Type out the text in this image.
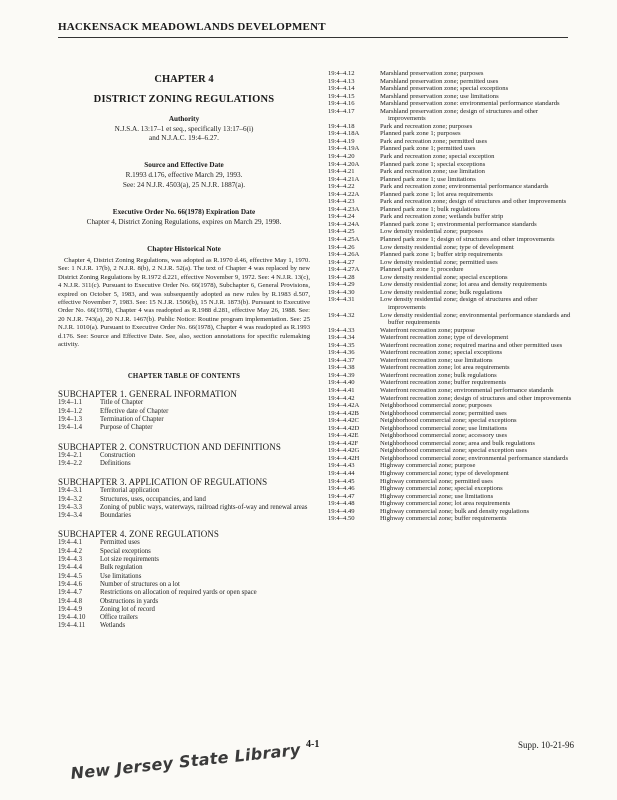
HACKENSACK MEADOWLANDS DEVELOPMENT
CHAPTER 4
DISTRICT ZONING REGULATIONS
Authority
N.J.S.A. 13:17–1 et seq., specifically 13:17–6(i)
and N.J.A.C. 19:4–6.27.
Source and Effective Date
R.1993 d.176, effective March 29, 1993.
See: 24 N.J.R. 4503(a), 25 N.J.R. 1887(a).
Executive Order No. 66(1978) Expiration Date
Chapter 4, District Zoning Regulations, expires on March 29, 1998.
Chapter Historical Note
Chapter 4, District Zoning Regulations, was adopted as R.1970 d.46, effective May 1, 1970. See: 1 N.J.R. 17(b), 2 N.J.R. 8(b), 2 N.J.R. 52(a). The text of Chapter 4 was replaced by new District Zoning Regulations by R.1972 d.221, effective November 9, 1972. See: 4 N.J.R. 13(c), 4 N.J.R. 311(c). Pursuant to Executive Order No. 66(1978), Subchapter 6, General Provisions, expired on October 5, 1983, and was subsequently adopted as new rules by R.1983 d.507, effective November 7, 1983. See: 15 N.J.R. 1506(b), 15 N.J.R. 1873(b). Pursuant to Executive Order No. 66(1978), Chapter 4 was readopted as R.1988 d.281, effective May 26, 1988. See: 20 N.J.R. 743(a), 20 N.J.R. 1467(b). Public Notice: Routine program implementation. See: 25 N.J.R. 1010(a). Pursuant to Executive Order No. 66(1978), Chapter 4 was readopted as R.1993 d.176. See: Source and Effective Date. See, also, section annotations for specific rulemaking activity.
CHAPTER TABLE OF CONTENTS
SUBCHAPTER 1. GENERAL INFORMATION
19:4–1.1	Title of Chapter
19:4–1.2	Effective date of Chapter
19:4–1.3	Termination of Chapter
19:4–1.4	Purpose of Chapter
SUBCHAPTER 2. CONSTRUCTION AND DEFINITIONS
19:4–2.1	Construction
19:4–2.2	Definitions
SUBCHAPTER 3. APPLICATION OF REGULATIONS
19:4–3.1	Territorial application
19:4–3.2	Structures, uses, occupancies, and land
19:4–3.3	Zoning of public ways, waterways, railroad rights-of-way and renewal areas
19:4–3.4	Boundaries
SUBCHAPTER 4. ZONE REGULATIONS
19:4–4.1	Permitted uses
19:4–4.2	Special exceptions
19:4–4.3	Lot size requirements
19:4–4.4	Bulk regulation
19:4–4.5	Use limitations
19:4–4.6	Number of structures on a lot
19:4–4.7	Restrictions on allocation of required yards or open space
19:4–4.8	Obstructions in yards
19:4–4.9	Zoning lot of record
19:4–4.10	Office trailers
19:4–4.11	Wetlands
19:4–4.12	Marshland preservation zone; purposes
19:4–4.13	Marshland preservation zone; permitted uses
19:4–4.14	Marshland preservation zone; special exceptions
19:4–4.15	Marshland preservation zone; use limitations
19:4–4.16	Marshland preservation zone: environmental performance standards
19:4–4.17	Marshland preservation zone; design of structures and other improvements
19:4–4.18	Park and recreation zone; purposes
19:4–4.18A	Planned park zone 1; purposes
19:4–4.19	Park and recreation zone; permitted uses
19:4–4.19A	Planned park zone 1; permitted uses
19:4–4.20	Park and recreation zone; special exception
19:4–4.20A	Planned park zone 1; special exceptions
19:4–4.21	Park and recreation zone; use limitation
19:4–4.21A	Planned park zone 1; use limitations
19:4–4.22	Park and recreation zone; environmental performance standards
19:4–4.22A	Planned park zone 1; lot area requirements
19:4–4.23	Park and recreation zone; design of structures and other improvements
19:4–4.23A	Planned park zone 1; bulk regulations
19:4–4.24	Park and recreation zone; wetlands buffer strip
19:4–4.24A	Planned park zone 1; environmental performance standards
19:4–4.25	Low density residential zone; purposes
19:4–4.25A	Planned park zone 1; design of structures and other improvements
19:4–4.26	Low density residential zone; type of development
19:4–4.26A	Planned park zone 1; buffer strip requirements
19:4–4.27	Low density residential zone; permitted uses
19:4–4.27A	Planned park zone 1; procedure
19:4–4.28	Low density residential zone; special exceptions
19:4–4.29	Low density residential zone; lot area and density requirements
19:4–4.30	Low density residential zone; bulk regulations
19:4–4.31	Low density residential zone; design of structures and other improvements
19:4–4.32	Low density residential zone; environmental performance standards and buffer requirements
19:4–4.33	Waterfront recreation zone; purpose
19:4–4.34	Waterfront recreation zone; type of development
19:4–4.35	Waterfront recreation zone; required marina and other permitted uses
19:4–4.36	Waterfront recreation zone; special exceptions
19:4–4.37	Waterfront recreation zone; use limitations
19:4–4.38	Waterfront recreation zone; lot area requirements
19:4–4.39	Waterfront recreation zone; bulk regulations
19:4–4.40	Waterfront recreation zone; buffer requirements
19:4–4.41	Waterfront recreation zone; environmental performance standards
19:4–4.42	Waterfront recreation zone; design of structures and other improvements
19:4–4.42A	Neighborhood commercial zone; purposes
19:4–4.42B	Neighborhood commercial zone; permitted uses
19:4–4.42C	Neighborhood commercial zone; special exceptions
19:4–4.42D	Neighborhood commercial zone; use limitations
19:4–4.42E	Neighborhood commercial zone; accessory uses
19:4–4.42F	Neighborhood commercial zone; area and bulk regulations
19:4–4.42G	Neighborhood commercial zone; special exception uses
19:4–4.42H	Neighborhood commercial zone; environmental performance standards
19:4–4.43	Highway commercial zone; purpose
19:4–4.44	Highway commercial zone; type of development
19:4–4.45	Highway commercial zone; permitted uses
19:4–4.46	Highway commercial zone; special exceptions
19:4–4.47	Highway commercial zone; use limitations
19:4–4.48	Highway commercial zone; lot area requirements
19:4–4.49	Highway commercial zone; bulk and density regulations
19:4–4.50	Highway commercial zone; buffer requirements
4-1	Supp. 10-21-96
New Jersey State Library
